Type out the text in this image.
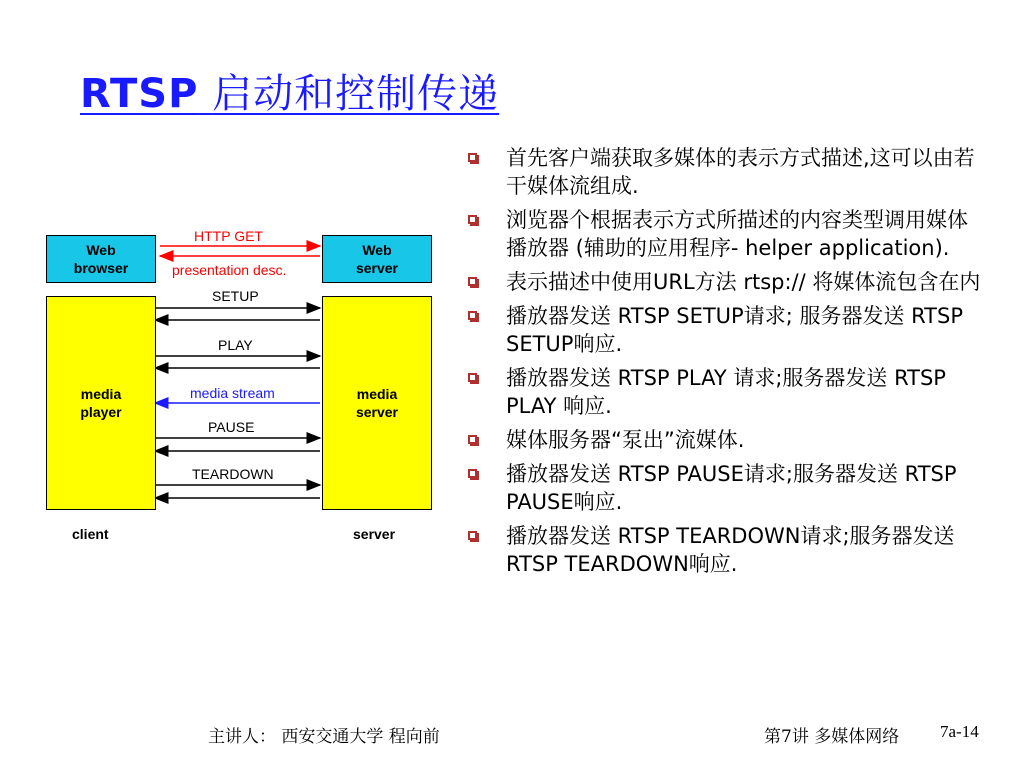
RTSP 启动和控制传递
Web browser
Web server
media player
media server
HTTP GET
presentation desc.
SETUP
PLAY
media stream
PAUSE
TEARDOWN
client	server
首先客户端获取多媒体的表示方式描述,这可以由若干媒体流组成.
浏览器个根据表示方式所描述的内容类型调用媒体播放器 (辅助的应用程序- helper application).
表示描述中使用URL方法 rtsp:// 将媒体流包含在内
播放器发送 RTSP SETUP请求; 服务器发送 RTSP SETUP响应.
播放器发送 RTSP PLAY 请求;服务器发送 RTSP PLAY 响应.
媒体服务器“泵出”流媒体.
播放器发送 RTSP PAUSE请求;服务器发送 RTSP PAUSE响应.
播放器发送 RTSP TEARDOWN请求;服务器发送 RTSP TEARDOWN响应.
主讲人： 西安交通大学 程向前	第7讲 多媒体网络 7a-14
